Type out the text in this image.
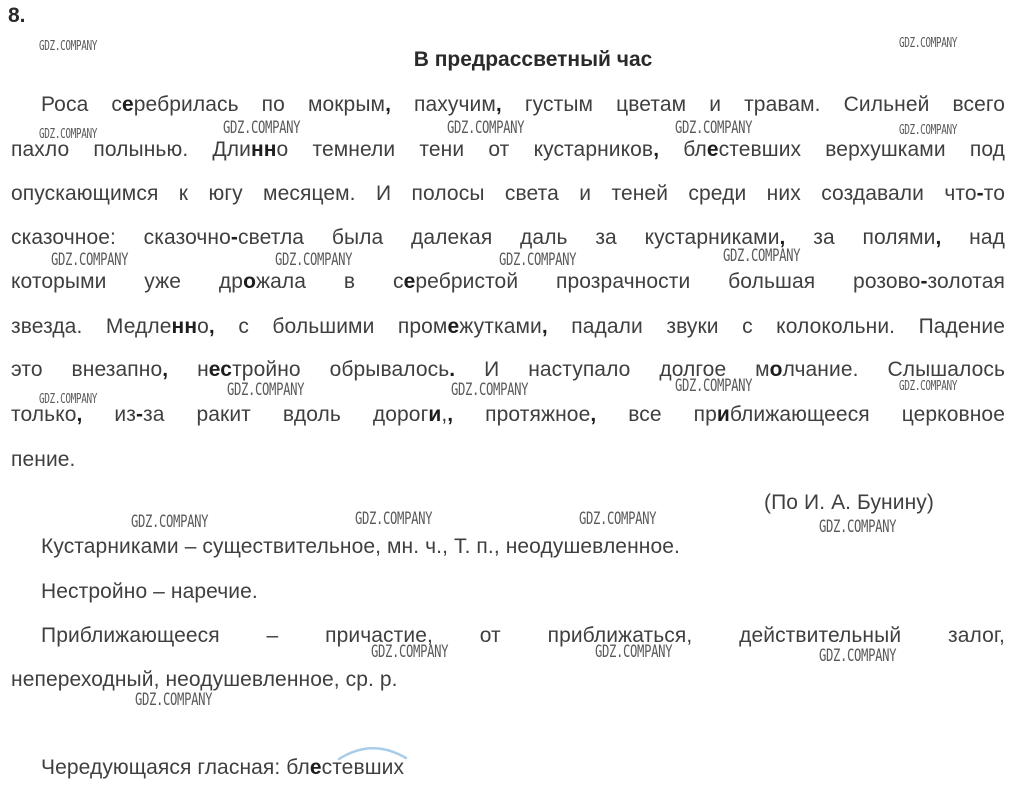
8.
В предрассветный час
Роса серебрилась по мокрым, пахучим, густым цветам и травам. Сильней всего
пахло полынью. Длинно темнели тени от кустарников, блестевших верхушками под
опускающимся к югу месяцем. И полосы света и теней среди них создавали что-то
сказочное: сказочно-светла была далекая даль за кустарниками, за полями, над
которыми уже дрожала в серебристой прозрачности большая розово-золотая
звезда. Медленно, с большими промежутками, падали звуки с колокольни. Падение
это внезапно, нестройно обрывалось. И наступало долгое молчание. Слышалось
только, из-за ракит вдоль дороги,, протяжное, все приближающееся церковное
пение.
(По И. А. Бунину)
Кустарниками – существительное, мн. ч., Т. п., неодушевленное.
Нестройно – наречие.
Приближающееся – причастие, от приближаться, действительный залог,
непереходный, неодушевленное, ср. р.
Чередующаяся гласная: блестевших
GDZ.COMPANY	GDZ.COMPANY
GDZ.COMPANY	GDZ.COMPANY	GDZ.COMPANY	GDZ.COMPANY	GDZ.COMPANY
GDZ.COMPANY	GDZ.COMPANY	GDZ.COMPANY	GDZ.COMPANY
GDZ.COMPANY	GDZ.COMPANY	GDZ.COMPANY	GDZ.COMPANY	GDZ.COMPANY
GDZ.COMPANY	GDZ.COMPANY	GDZ.COMPANY	GDZ.COMPANY
GDZ.COMPANY	GDZ.COMPANY	GDZ.COMPANY
GDZ.COMPANY
